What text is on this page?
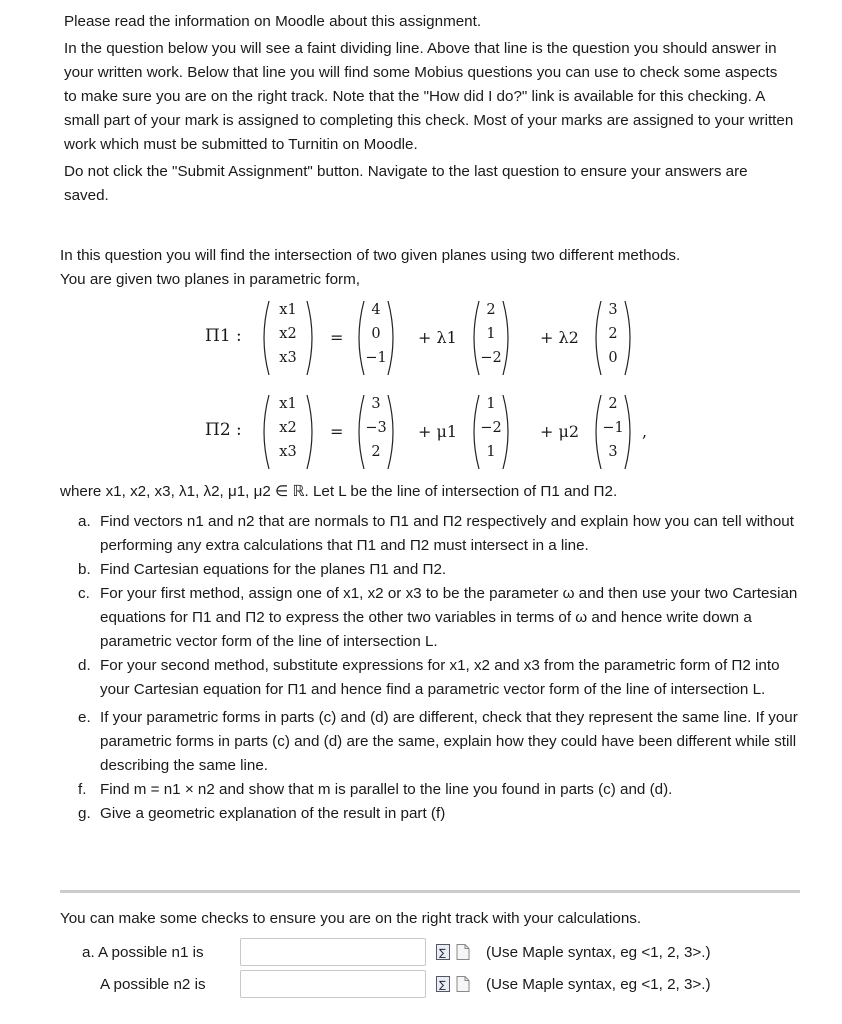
Please read the information on Moodle about this assignment.

In the question below you will see a faint dividing line. Above that line is the question you should answer in your written work. Below that line you will find some Mobius questions you can use to check some aspects to make sure you are on the right track. Note that the "How did I do?" link is available for this checking. A small part of your mark is assigned to completing this check. Most of your marks are assigned to your written work which must be submitted to Turnitin on Moodle.

Do not click the "Submit Assignment" button. Navigate to the last question to ensure your answers are saved.

In this question you will find the intersection of two given planes using two different methods.

You are given two planes in parametric form,

Π1 :
x1
x2
x3
=
4
0
−1
+ λ1
2
1
−2
+ λ2
3
2
0
Π2 :
x1
x2
x3
=
3
−3
2
+ μ1
1
−2
1
+ μ2
2
−1
3
,

where x1, x2, x3, λ1, λ2, μ1, μ2 ∈ ℝ. Let L be the line of intersection of Π1 and Π2.

a. Find vectors n1 and n2 that are normals to Π1 and Π2 respectively and explain how you can tell without performing any extra calculations that Π1 and Π2 must intersect in a line.
b. Find Cartesian equations for the planes Π1 and Π2.
c. For your first method, assign one of x1, x2 or x3 to be the parameter ω and then use your two Cartesian equations for Π1 and Π2 to express the other two variables in terms of ω and hence write down a parametric vector form of the line of intersection L.
d. For your second method, substitute expressions for x1, x2 and x3 from the parametric form of Π2 into your Cartesian equation for Π1 and hence find a parametric vector form of the line of intersection L.
e. If your parametric forms in parts (c) and (d) are different, check that they represent the same line. If your parametric forms in parts (c) and (d) are the same, explain how they could have been different while still describing the same line.
f. Find m = n1 × n2 and show that m is parallel to the line you found in parts (c) and (d).
g. Give a geometric explanation of the result in part (f)
You can make some checks to ensure you are on the right track with your calculations.
a. A possible n1 is	∑	(Use Maple syntax, eg <1, 2, 3>.)
A possible n2 is	∑	(Use Maple syntax, eg <1, 2, 3>.)
